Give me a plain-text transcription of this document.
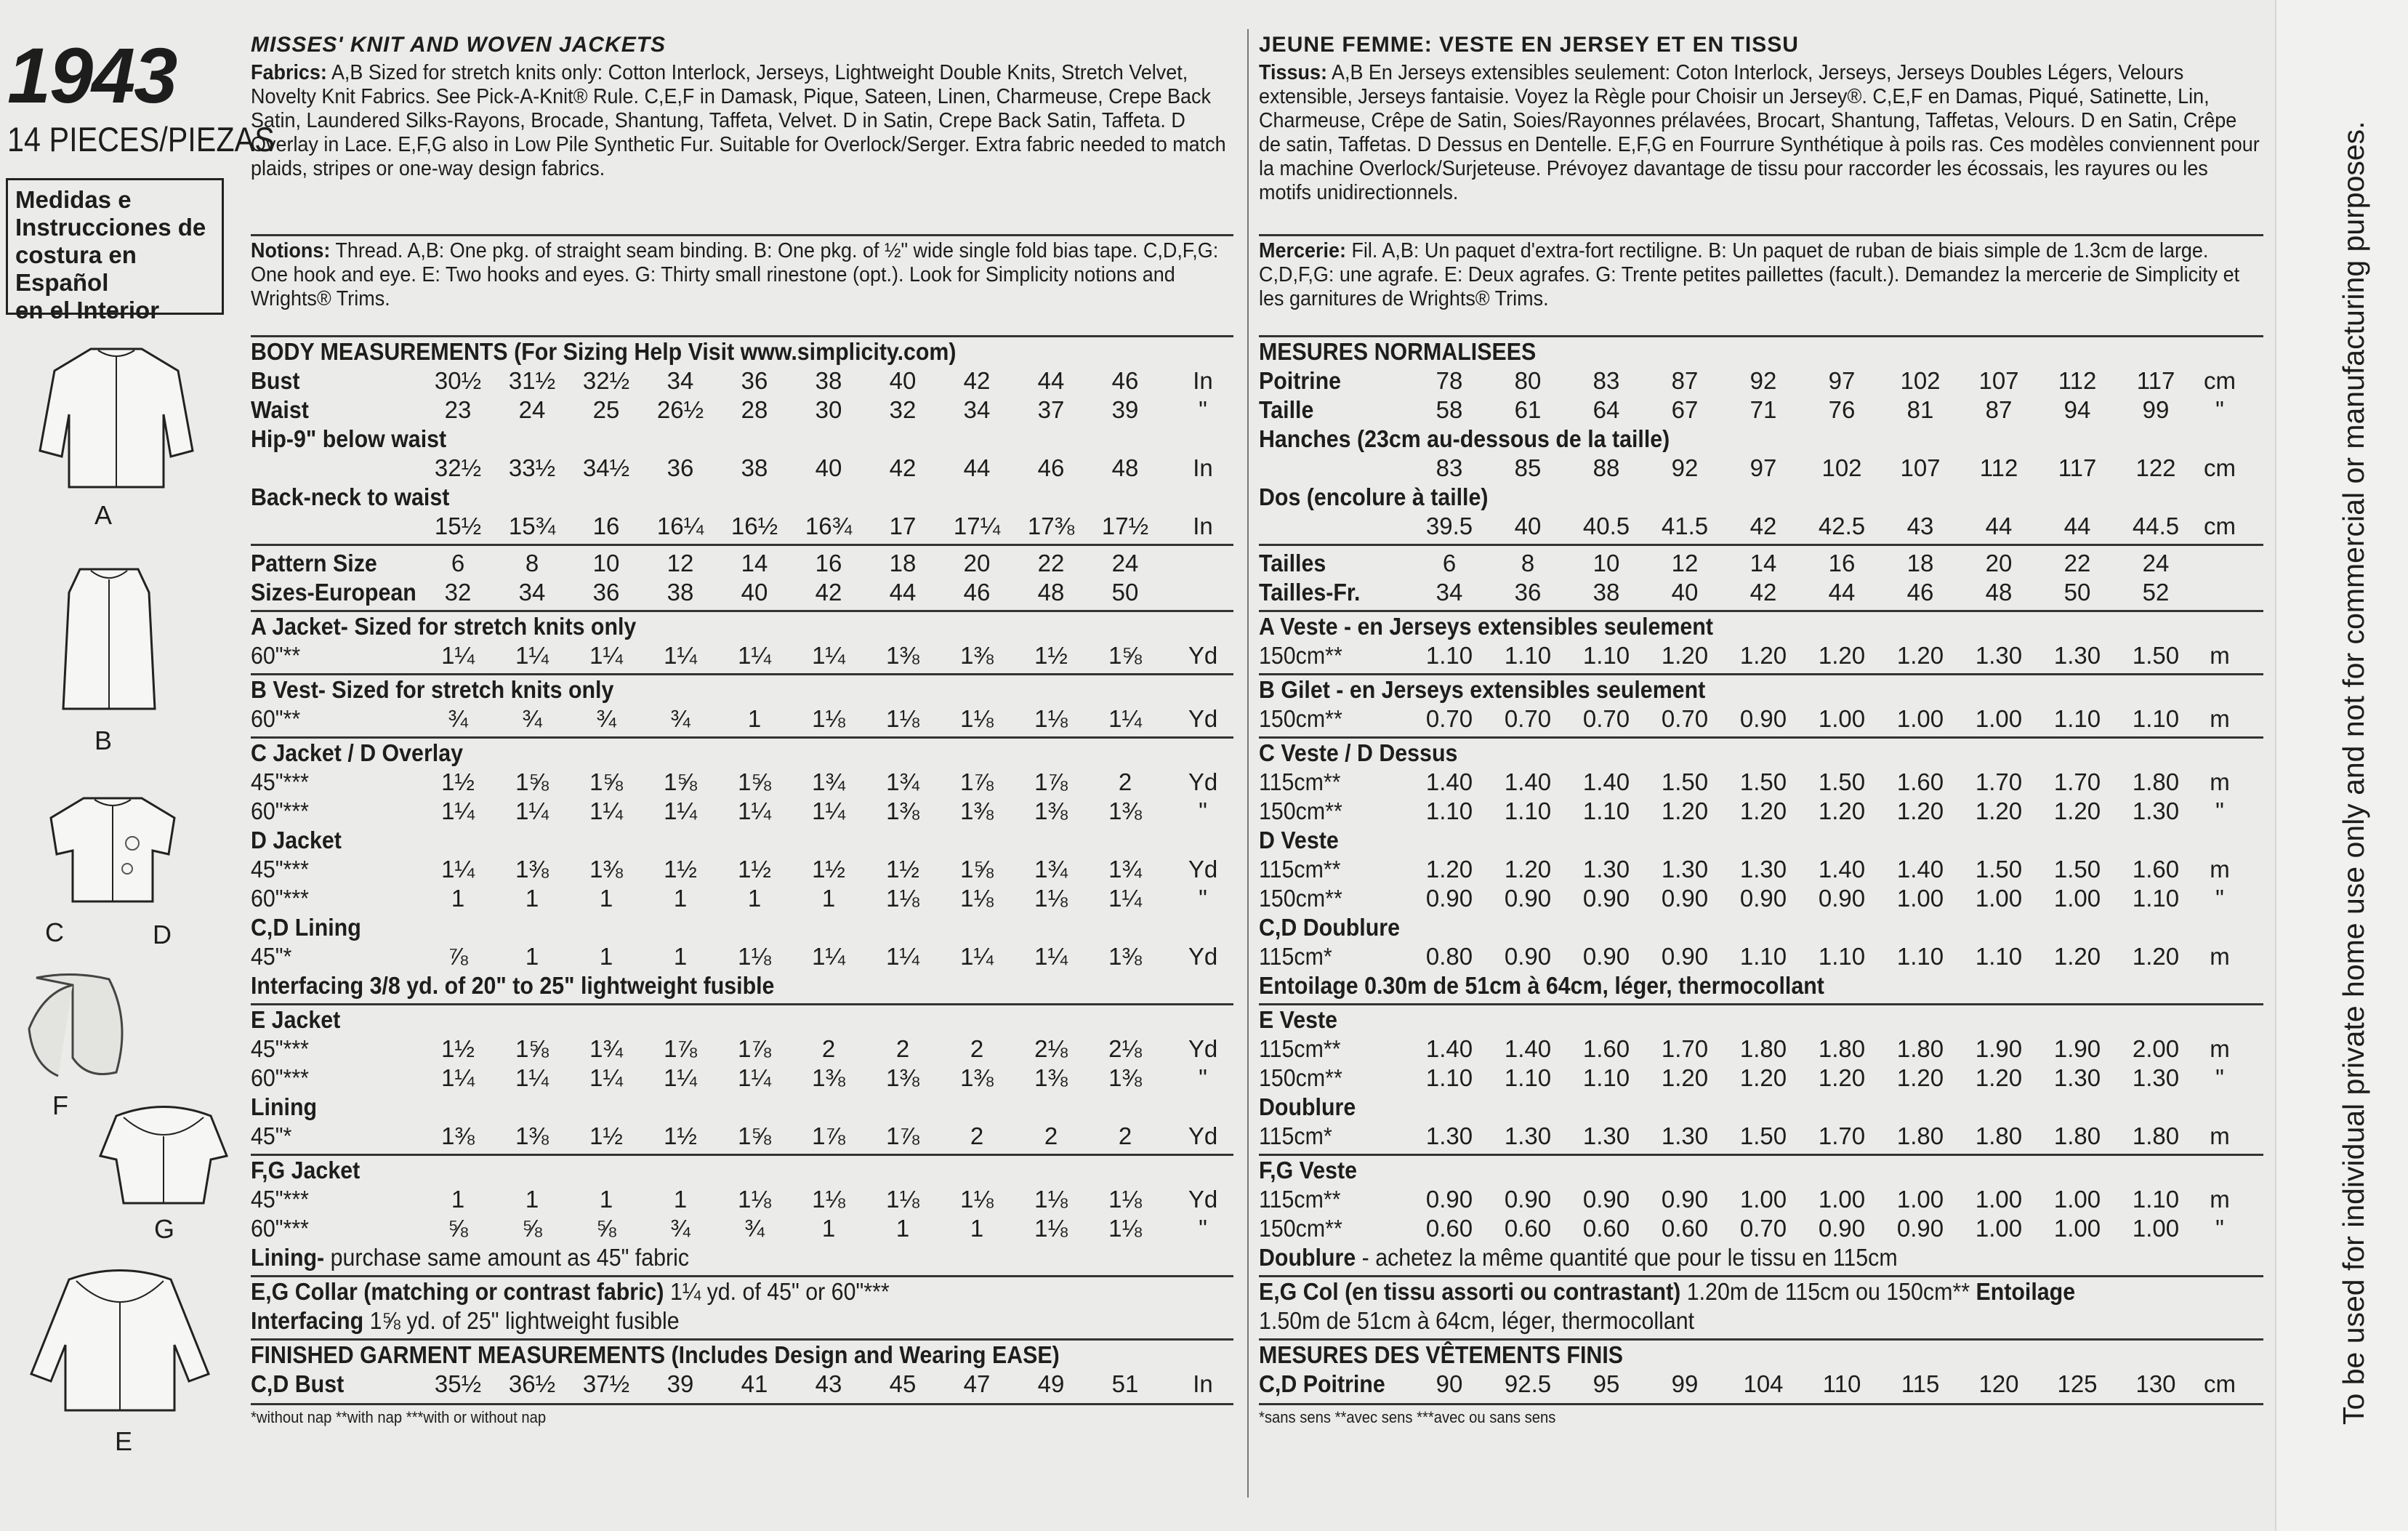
1943
14 PIECES/PIEZAS
Medidas e
Instrucciones de
costura en Español
en el Interior
A
B
C	D
F
G
E
MISSES' KNIT AND WOVEN JACKETS
Fabrics: A,B Sized for stretch knits only: Cotton Interlock, Jerseys, Lightweight Double Knits, Stretch Velvet, Novelty Knit Fabrics. See Pick-A-Knit® Rule. C,E,F in Damask, Pique, Sateen, Linen, Charmeuse, Crepe Back Satin, Laundered Silks-Rayons, Brocade, Shantung, Taffeta, Velvet. D in Satin, Crepe Back Satin, Taffeta. D Overlay in Lace. E,F,G also in Low Pile Synthetic Fur. Suitable for Overlock/Serger. Extra fabric needed to match plaids, stripes or one-way design fabrics.
Notions: Thread. A,B: One pkg. of straight seam binding. B: One pkg. of ½" wide single fold bias tape. C,D,F,G: One hook and eye. E: Two hooks and eyes. G: Thirty small rinestone (opt.). Look for Simplicity notions and Wrights® Trims.
BODY MEASUREMENTS (For Sizing Help Visit www.simplicity.com)
Bust	30½	31½	32½	34	36	38	40	42	44	46	In
Waist	23	24	25	26½	28	30	32	34	37	39	"
Hip-9" below waist
32½	33½	34½	36	38	40	42	44	46	48	In
Back-neck to waist
15½	15¾	16	16¼	16½	16¾	17	17¼	17⅜	17½	In
Pattern Size	6	8	10	12	14	16	18	20	22	24
Sizes-European	32	34	36	38	40	42	44	46	48	50
A Jacket- Sized for stretch knits only
60"**	1¼	1¼	1¼	1¼	1¼	1¼	1⅜	1⅜	1½	1⅝	Yd
B Vest- Sized for stretch knits only
60"**	¾	¾	¾	¾	1	1⅛	1⅛	1⅛	1⅛	1¼	Yd
C Jacket / D Overlay
45"***	1½	1⅝	1⅝	1⅝	1⅝	1¾	1¾	1⅞	1⅞	2	Yd
60"***	1¼	1¼	1¼	1¼	1¼	1¼	1⅜	1⅜	1⅜	1⅜	"
D Jacket
45"***	1¼	1⅜	1⅜	1½	1½	1½	1½	1⅝	1¾	1¾	Yd
60"***	1	1	1	1	1	1	1⅛	1⅛	1⅛	1¼	"
C,D Lining
45"*	⅞	1	1	1	1⅛	1¼	1¼	1¼	1¼	1⅜	Yd
Interfacing 3/8 yd. of 20" to 25" lightweight fusible
E Jacket
45"***	1½	1⅝	1¾	1⅞	1⅞	2	2	2	2⅛	2⅛	Yd
60"***	1¼	1¼	1¼	1¼	1¼	1⅜	1⅜	1⅜	1⅜	1⅜	"
Lining
45"*	1⅜	1⅜	1½	1½	1⅝	1⅞	1⅞	2	2	2	Yd
F,G Jacket
45"***	1	1	1	1	1⅛	1⅛	1⅛	1⅛	1⅛	1⅛	Yd
60"***	⅝	⅝	⅝	¾	¾	1	1	1	1⅛	1⅛	"
Lining- purchase same amount as 45" fabric
E,G Collar (matching or contrast fabric) 1¼ yd. of 45" or 60"***
Interfacing 1⅝ yd. of 25" lightweight fusible
FINISHED GARMENT MEASUREMENTS (Includes Design and Wearing EASE)
C,D Bust	35½	36½	37½	39	41	43	45	47	49	51	In
*without nap **with nap ***with or without nap
JEUNE FEMME: VESTE EN JERSEY ET EN TISSU
Tissus: A,B En Jerseys extensibles seulement: Coton Interlock, Jerseys, Jerseys Doubles Légers, Velours extensible, Jerseys fantaisie. Voyez la Règle pour Choisir un Jersey®. C,E,F en Damas, Piqué, Satinette, Lin, Charmeuse, Crêpe de Satin, Soies/Rayonnes prélavées, Brocart, Shantung, Taffetas, Velours. D en Satin, Crêpe de satin, Taffetas. D Dessus en Dentelle. E,F,G en Fourrure Synthétique à poils ras. Ces modèles conviennent pour la machine Overlock/Surjeteuse. Prévoyez davantage de tissu pour raccorder les écossais, les rayures ou les motifs unidirectionnels.
Mercerie: Fil. A,B: Un paquet d'extra-fort rectiligne. B: Un paquet de ruban de biais simple de 1.3cm de large. C,D,F,G: une agrafe. E: Deux agrafes. G: Trente petites paillettes (facult.). Demandez la mercerie de Simplicity et les garnitures de Wrights® Trims.
MESURES NORMALISEES
Poitrine	78	80	83	87	92	97	102	107	112	117	cm
Taille	58	61	64	67	71	76	81	87	94	99	"
Hanches (23cm au-dessous de la taille)
83	85	88	92	97	102	107	112	117	122	cm
Dos (encolure à taille)
39.5	40	40.5	41.5	42	42.5	43	44	44	44.5	cm
Tailles	6	8	10	12	14	16	18	20	22	24
Tailles-Fr.	34	36	38	40	42	44	46	48	50	52
A Veste - en Jerseys extensibles seulement
150cm**	1.10	1.10	1.10	1.20	1.20	1.20	1.20	1.30	1.30	1.50	m
B Gilet - en Jerseys extensibles seulement
150cm**	0.70	0.70	0.70	0.70	0.90	1.00	1.00	1.00	1.10	1.10	m
C Veste / D Dessus
115cm**	1.40	1.40	1.40	1.50	1.50	1.50	1.60	1.70	1.70	1.80	m
150cm**	1.10	1.10	1.10	1.20	1.20	1.20	1.20	1.20	1.20	1.30	"
D Veste
115cm**	1.20	1.20	1.30	1.30	1.30	1.40	1.40	1.50	1.50	1.60	m
150cm**	0.90	0.90	0.90	0.90	0.90	0.90	1.00	1.00	1.00	1.10	"
C,D Doublure
115cm*	0.80	0.90	0.90	0.90	1.10	1.10	1.10	1.10	1.20	1.20	m
Entoilage 0.30m de 51cm à 64cm, léger, thermocollant
E Veste
115cm**	1.40	1.40	1.60	1.70	1.80	1.80	1.80	1.90	1.90	2.00	m
150cm**	1.10	1.10	1.10	1.20	1.20	1.20	1.20	1.20	1.30	1.30	"
Doublure
115cm*	1.30	1.30	1.30	1.30	1.50	1.70	1.80	1.80	1.80	1.80	m
F,G Veste
115cm**	0.90	0.90	0.90	0.90	1.00	1.00	1.00	1.00	1.00	1.10	m
150cm**	0.60	0.60	0.60	0.60	0.70	0.90	0.90	1.00	1.00	1.00	"
Doublure - achetez la même quantité que pour le tissu en 115cm
E,G Col (en tissu assorti ou contrastant) 1.20m de 115cm ou 150cm** Entoilage
1.50m de 51cm à 64cm, léger, thermocollant
MESURES DES VÊTEMENTS FINIS
C,D Poitrine	90	92.5	95	99	104	110	115	120	125	130	cm
*sans sens **avec sens ***avec ou sans sens	To be used for individual private home use only and not for commercial or manufacturing purposes.
